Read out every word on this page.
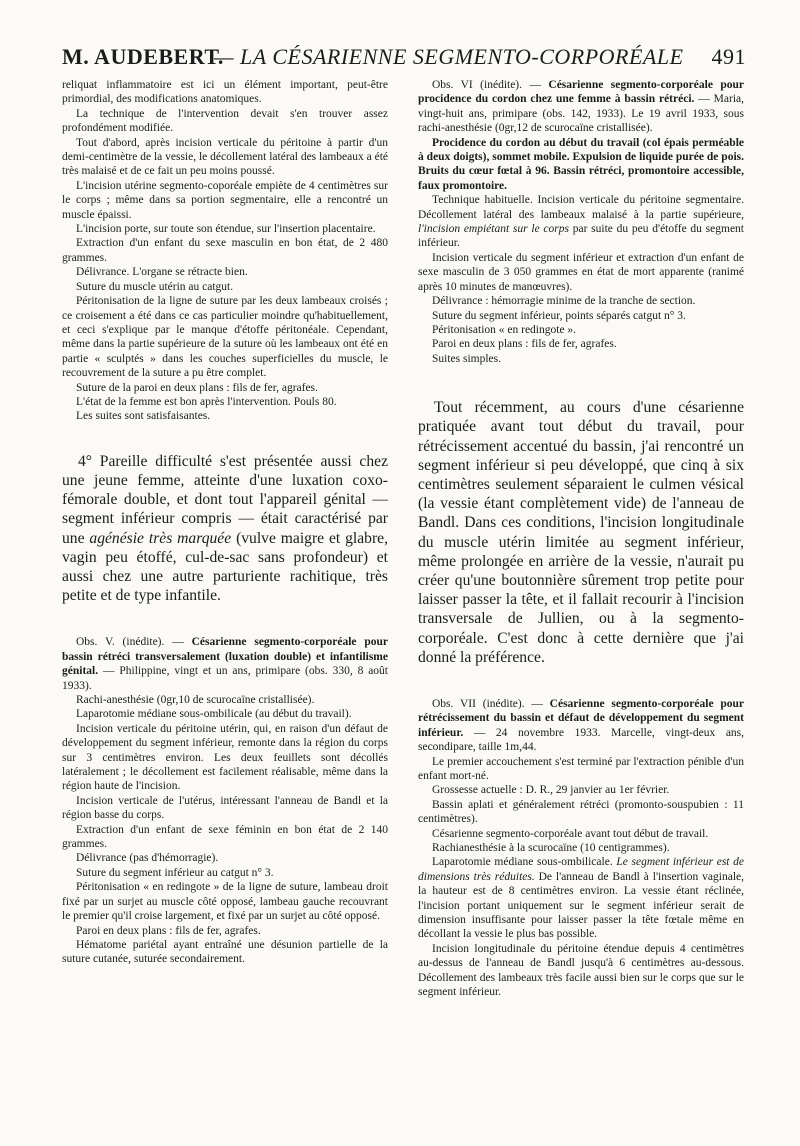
M. AUDEBERT.
— LA CÉSARIENNE SEGMENTO-CORPORÉALE 491

reliquat inflammatoire est ici un élément important, peut-être primordial, des modifications anatomiques.

La technique de l'intervention devait s'en trouver assez profondément modifiée.

Tout d'abord, après incision verticale du péritoine à partir d'un demi-centimètre de la vessie, le décollement latéral des lambeaux a été très malaisé et de ce fait un peu moins poussé.

L'incision utérine segmento-coporéale empiète de 4 centimètres sur le corps ; même dans sa portion segmentaire, elle a rencontré un muscle épaissi.

L'incision porte, sur toute son étendue, sur l'insertion placentaire.

Extraction d'un enfant du sexe masculin en bon état, de 2 480 grammes.

Délivrance. L'organe se rétracte bien.

Suture du muscle utérin au catgut.

Péritonisation de la ligne de suture par les deux lambeaux croisés ; ce croisement a été dans ce cas particulier moindre qu'habituellement, et ceci s'explique par le manque d'étoffe péritonéale. Cependant, même dans la partie supérieure de la suture où les lambeaux ont été en partie « sculptés » dans les couches superficielles du muscle, le recouvrement de la suture a pu être complet.

Suture de la paroi en deux plans : fils de fer, agrafes.

L'état de la femme est bon après l'intervention. Pouls 80.

Les suites sont satisfaisantes.

4° Pareille difficulté s'est présentée aussi chez une jeune femme, atteinte d'une luxation coxo-fémorale double, et dont tout l'appareil génital — segment inférieur compris — était caractérisé par une agénésie très marquée (vulve maigre et glabre, vagin peu étoffé, cul-de-sac sans profondeur) et aussi chez une autre parturiente rachitique, très petite et de type infantile.

Obs. V. (inédite). — Césarienne segmento-corporéale pour bassin rétréci transversalement (luxation double) et infantilisme génital. — Philippine, vingt et un ans, primipare (obs. 330, 8 août 1933).

Rachi-anesthésie (0gr,10 de scurocaïne cristallisée).

Laparotomie médiane sous-ombilicale (au début du travail).

Incision verticale du péritoine utérin, qui, en raison d'un défaut de développement du segment inférieur, remonte dans la région du corps sur 3 centimètres environ. Les deux feuillets sont décollés latéralement ; le décollement est facilement réalisable, même dans la région haute de l'incision.

Incision verticale de l'utérus, intéressant l'anneau de Bandl et la région basse du corps.

Extraction d'un enfant de sexe féminin en bon état de 2 140 grammes.

Délivrance (pas d'hémorragie).

Suture du segment inférieur au catgut n° 3.

Péritonisation « en redingote » de la ligne de suture, lambeau droit fixé par un surjet au muscle côté opposé, lambeau gauche recouvrant le premier qu'il croise largement, et fixé par un surjet au côté opposé.

Paroi en deux plans : fils de fer, agrafes.

Hématome pariétal ayant entraîné une désunion partielle de la suture cutanée, suturée secondairement.

Obs. VI (inédite). — Césarienne segmento-corporéale pour procidence du cordon chez une femme à bassin rétréci. — Maria, vingt-huit ans, primipare (obs. 142, 1933). Le 19 avril 1933, sous rachi-anesthésie (0gr,12 de scurocaïne cristallisée).

Procidence du cordon au début du travail (col épais perméable à deux doigts), sommet mobile. Expulsion de liquide purée de pois. Bruits du cœur fœtal à 96. Bassin rétréci, promontoire accessible, faux promontoire.

Technique habituelle. Incision verticale du péritoine segmentaire. Décollement latéral des lambeaux malaisé à la partie supérieure, l'incision empiétant sur le corps par suite du peu d'étoffe du segment inférieur.

Incision verticale du segment inférieur et extraction d'un enfant de sexe masculin de 3 050 grammes en état de mort apparente (ranimé après 10 minutes de manœuvres).

Délivrance : hémorragie minime de la tranche de section.

Suture du segment inférieur, points séparés catgut n° 3.

Péritonisation « en redingote ».

Paroi en deux plans : fils de fer, agrafes.

Suites simples.

Tout récemment, au cours d'une césarienne pratiquée avant tout début du travail, pour rétrécissement accentué du bassin, j'ai rencontré un segment inférieur si peu développé, que cinq à six centimètres seulement séparaient le culmen vésical (la vessie étant complètement vide) de l'anneau de Bandl. Dans ces conditions, l'incision longitudinale du muscle utérin limitée au segment inférieur, même prolongée en arrière de la vessie, n'aurait pu créer qu'une boutonnière sûrement trop petite pour laisser passer la tête, et il fallait recourir à l'incision transversale de Jullien, ou à la segmento-corporéale. C'est donc à cette dernière que j'ai donné la préférence.

Obs. VII (inédite). — Césarienne segmento-corporéale pour rétrécissement du bassin et défaut de développement du segment inférieur. — 24 novembre 1933. Marcelle, vingt-deux ans, secondipare, taille 1m,44.

Le premier accouchement s'est terminé par l'extraction pénible d'un enfant mort-né.

Grossesse actuelle : D. R., 29 janvier au 1er février.

Bassin aplati et généralement rétréci (promonto-souspubien : 11 centimètres).

Césarienne segmento-corporéale avant tout début de travail.

Rachianesthésie à la scurocaïne (10 centigrammes).

Laparotomie médiane sous-ombilicale. Le segment inférieur est de dimensions très réduites. De l'anneau de Bandl à l'insertion vaginale, la hauteur est de 8 centimètres environ. La vessie étant réclinée, l'incision portant uniquement sur le segment inférieur serait de dimension insuffisante pour laisser passer la tête fœtale même en décollant la vessie le plus bas possible.

Incision longitudinale du péritoine étendue depuis 4 centimètres au-dessus de l'anneau de Bandl jusqu'à 6 centimètres au-dessous. Décollement des lambeaux très facile aussi bien sur le corps que sur le segment inférieur.
